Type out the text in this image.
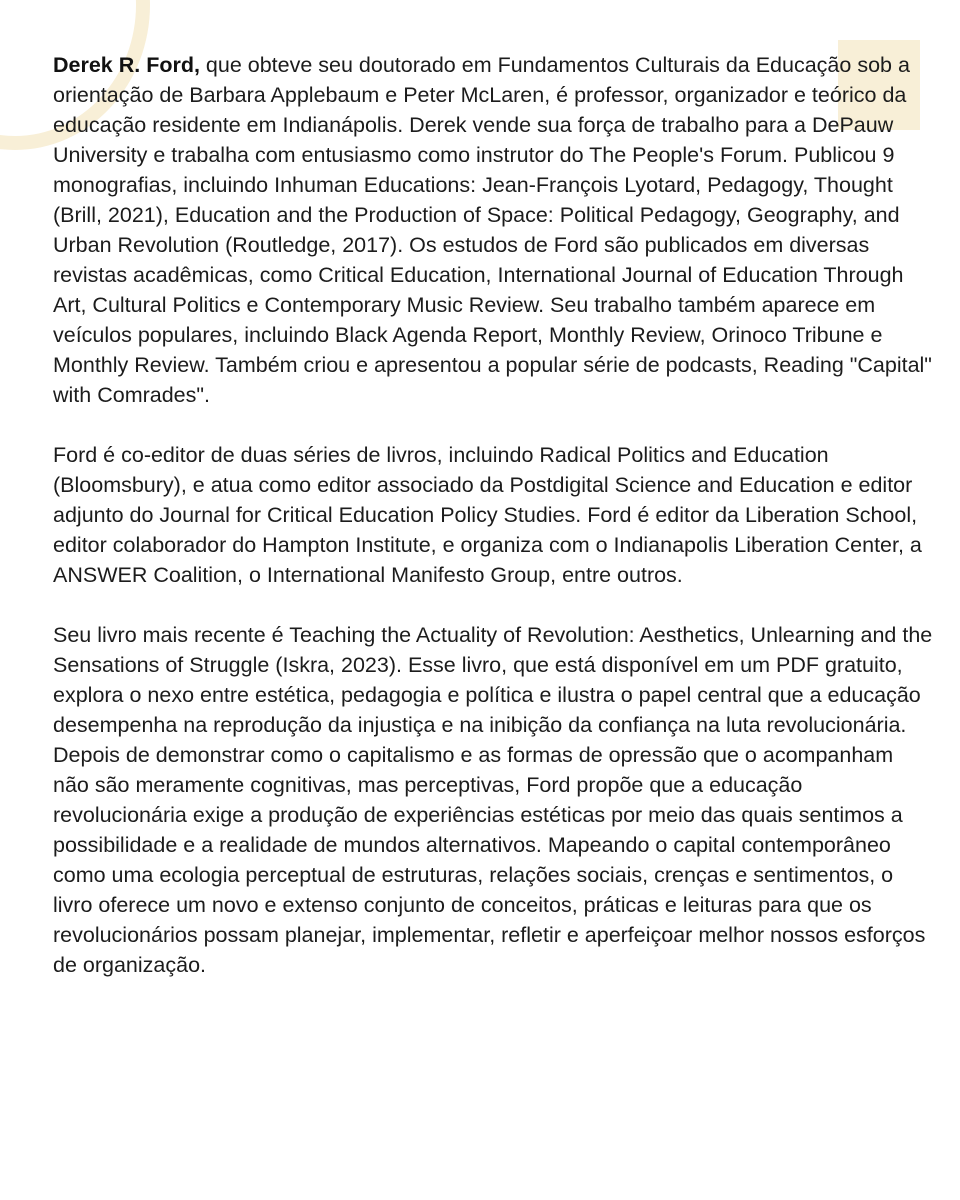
Derek R. Ford, que obteve seu doutorado em Fundamentos Culturais da Educação sob a orientação de Barbara Applebaum e Peter McLaren, é professor, organizador e teórico da educação residente em Indianápolis. Derek vende sua força de trabalho para a DePauw University e trabalha com entusiasmo como instrutor do The People's Forum. Publicou 9 monografias, incluindo Inhuman Educations: Jean-François Lyotard, Pedagogy, Thought (Brill, 2021), Education and the Production of Space: Political Pedagogy, Geography, and Urban Revolution (Routledge, 2017). Os estudos de Ford são publicados em diversas revistas acadêmicas, como Critical Education, International Journal of Education Through Art, Cultural Politics e Contemporary Music Review. Seu trabalho também aparece em veículos populares, incluindo Black Agenda Report, Monthly Review, Orinoco Tribune e Monthly Review. Também criou e apresentou a popular série de podcasts, Reading "Capital" with Comrades".

Ford é co-editor de duas séries de livros, incluindo Radical Politics and Education (Bloomsbury), e atua como editor associado da Postdigital Science and Education e editor adjunto do Journal for Critical Education Policy Studies. Ford é editor da Liberation School, editor colaborador do Hampton Institute, e organiza com o Indianapolis Liberation Center, a ANSWER Coalition, o International Manifesto Group, entre outros.

Seu livro mais recente é Teaching the Actuality of Revolution: Aesthetics, Unlearning and the Sensations of Struggle (Iskra, 2023). Esse livro, que está disponível em um PDF gratuito, explora o nexo entre estética, pedagogia e política e ilustra o papel central que a educação desempenha na reprodução da injustiça e na inibição da confiança na luta revolucionária. Depois de demonstrar como o capitalismo e as formas de opressão que o acompanham não são meramente cognitivas, mas perceptivas, Ford propõe que a educação revolucionária exige a produção de experiências estéticas por meio das quais sentimos a possibilidade e a realidade de mundos alternativos. Mapeando o capital contemporâneo como uma ecologia perceptual de estruturas, relações sociais, crenças e sentimentos, o livro oferece um novo e extenso conjunto de conceitos, práticas e leituras para que os revolucionários possam planejar, implementar, refletir e aperfeiçoar melhor nossos esforços de organização.
